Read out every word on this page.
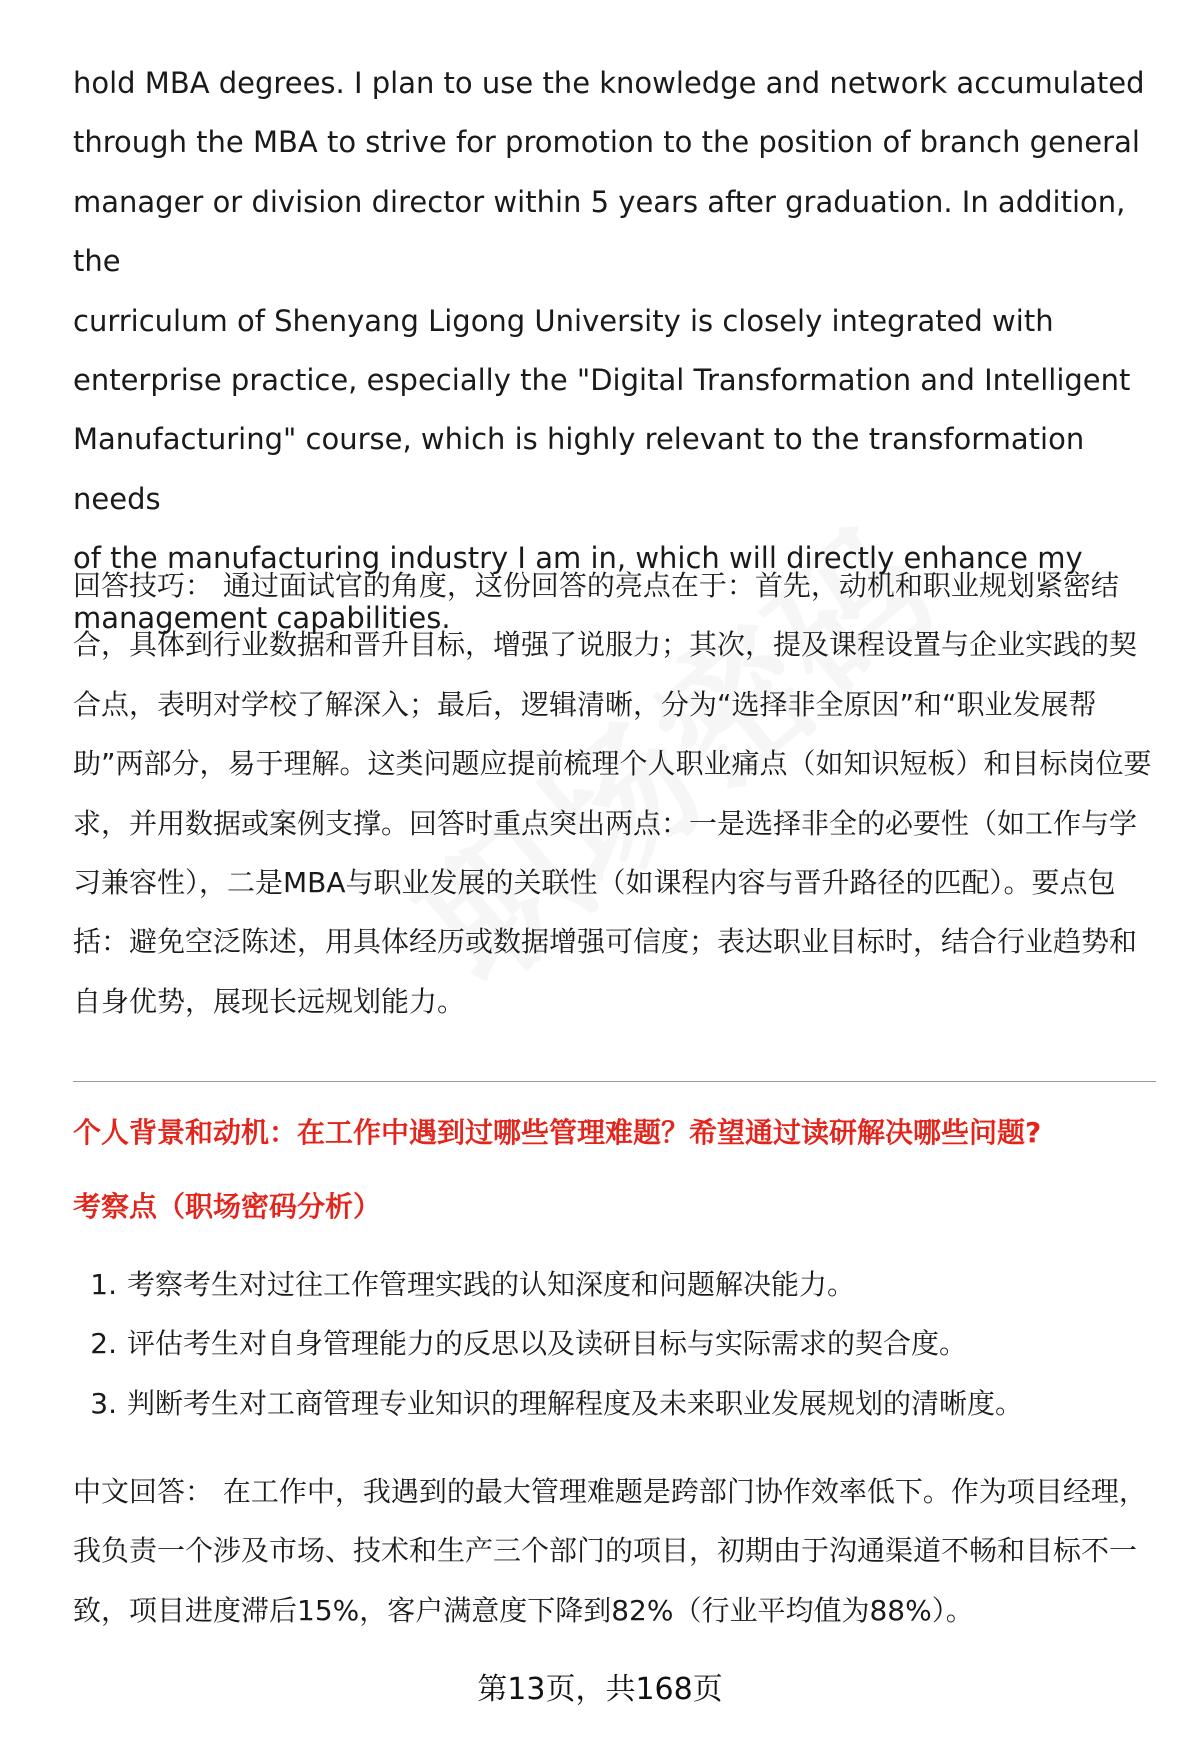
hold MBA degrees. I plan to use the knowledge and network accumulated
through the MBA to strive for promotion to the position of branch general
manager or division director within 5 years after graduation. In addition, the
curriculum of Shenyang Ligong University is closely integrated with
enterprise practice, especially the "Digital Transformation and Intelligent
Manufacturing" course, which is highly relevant to the transformation needs
of the manufacturing industry I am in, which will directly enhance my
management capabilities.

回答技巧： 通过面试官的角度，这份回答的亮点在于：首先，动机和职业规划紧密结合，具体到行业数据和晋升目标，增强了说服力；其次，提及课程设置与企业实践的契合点，表明对学校了解深入；最后，逻辑清晰，分为“选择非全原因”和“职业发展帮助”两部分，易于理解。这类问题应提前梳理个人职业痛点（如知识短板）和目标岗位要求，并用数据或案例支撑。回答时重点突出两点：一是选择非全的必要性（如工作与学习兼容性），二是MBA与职业发展的关联性（如课程内容与晋升路径的匹配）。要点包括：避免空泛陈述，用具体经历或数据增强可信度；表达职业目标时，结合行业趋势和自身优势，展现长远规划能力。

个人背景和动机：在工作中遇到过哪些管理难题？希望通过读研解决哪些问题?
考察点（职场密码分析）
1. 考察考生对过往工作管理实践的认知深度和问题解决能力。
2. 评估考生对自身管理能力的反思以及读研目标与实际需求的契合度。
3. 判断考生对工商管理专业知识的理解程度及未来职业发展规划的清晰度。

中文回答： 在工作中，我遇到的最大管理难题是跨部门协作效率低下。作为项目经理，我负责一个涉及市场、技术和生产三个部门的项目，初期由于沟通渠道不畅和目标不一致，项目进度滞后15%，客户满意度下降到82%（行业平均值为88%）。

第13页，共168页
